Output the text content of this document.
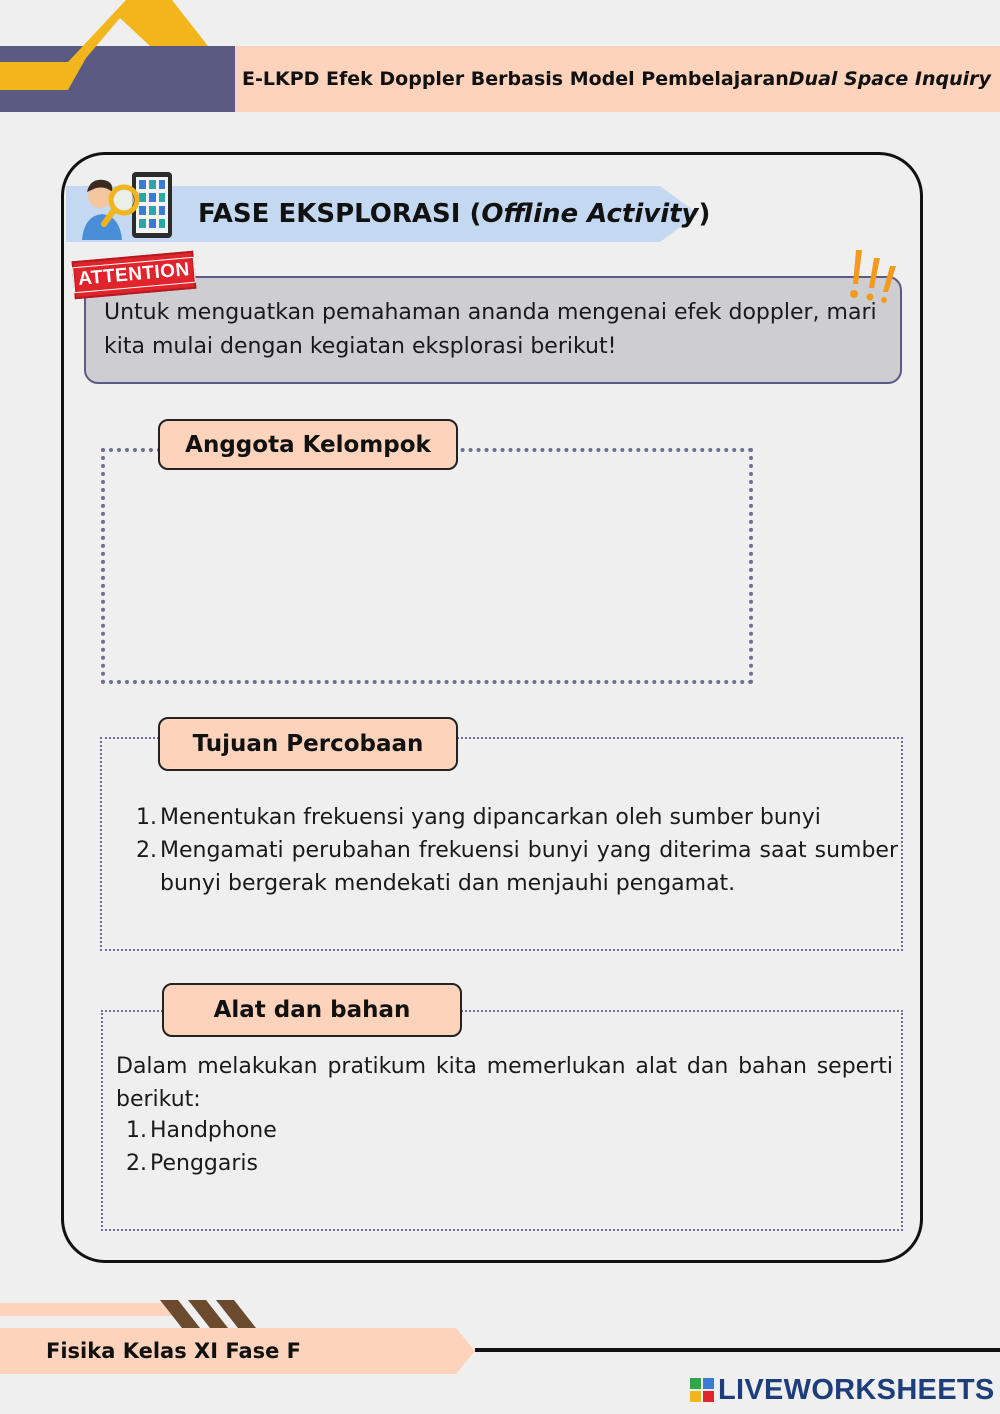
E-LKPD Efek Doppler Berbasis Model Pembelajaran Dual Space Inquiry
FASE EKSPLORASI ( Offline Activity )
Untuk menguatkan pemahaman ananda mengenai efek doppler, mari kita mulai dengan kegiatan eksplorasi berikut!
ATTENTION
Anggota Kelompok
Tujuan Percobaan
1. Menentukan frekuensi yang dipancarkan oleh sumber bunyi
2. Mengamati perubahan frekuensi bunyi yang diterima saat sumber bunyi bergerak mendekati dan menjauhi pengamat.
Alat dan bahan
Dalam melakukan pratikum kita memerlukan alat dan bahan seperti berikut:
1. Handphone
2. Penggaris
Fisika Kelas XI Fase F
LIVEWORKSHEETS
